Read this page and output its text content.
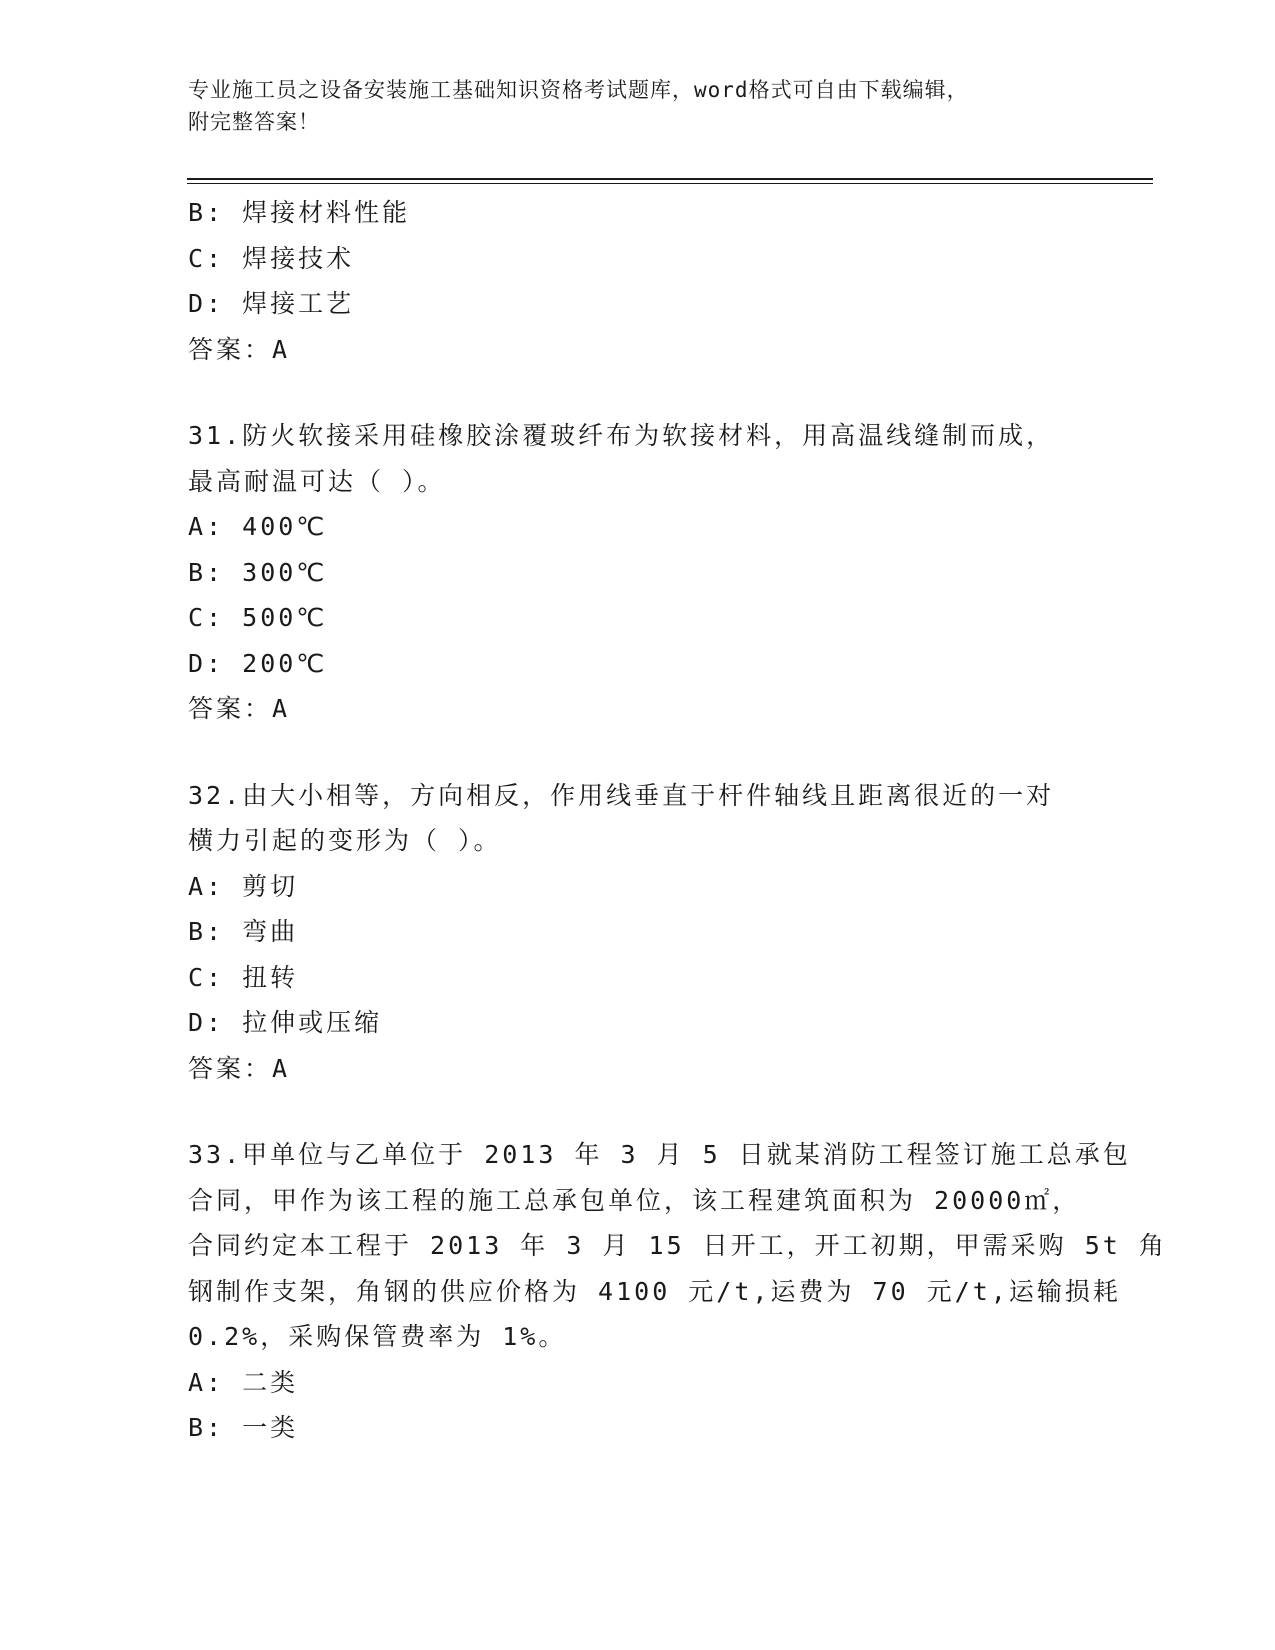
专业施工员之设备安装施工基础知识资格考试题库，word格式可自由下载编辑，
附完整答案！
B: 焊接材料性能
C: 焊接技术
D: 焊接工艺
答案：A
31.防火软接采用硅橡胶涂覆玻纤布为软接材料，用高温线缝制而成，
最高耐温可达（ ）。
A: 400℃
B: 300℃
C: 500℃
D: 200℃
答案：A
32.由大小相等，方向相反，作用线垂直于杆件轴线且距离很近的一对
横力引起的变形为（ ）。
A: 剪切
B: 弯曲
C: 扭转
D: 拉伸或压缩
答案：A
33.甲单位与乙单位于 2013 年 3 月 5 日就某消防工程签订施工总承包
合同，甲作为该工程的施工总承包单位，该工程建筑面积为 20000㎡，
合同约定本工程于 2013 年 3 月 15 日开工，开工初期，甲需采购 5t 角
钢制作支架，角钢的供应价格为 4100 元/t,运费为 70 元/t,运输损耗
0.2%，采购保管费率为 1%。
A: 二类
B: 一类
